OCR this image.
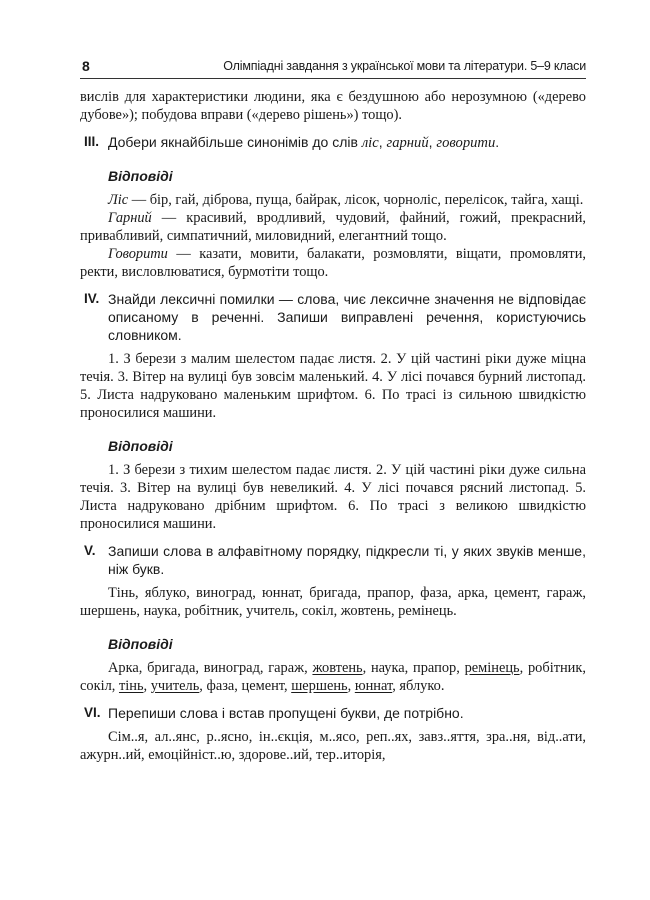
8	Олімпіадні завдання з української мови та літератури. 5–9 класи

вислів для характеристики людини, яка є бездушною або нерозумною («дерево дубове»); побудова вправи («дерево рішень») тощо).

III. Добери якнайбільше синонімів до слів ліс, гарний, говорити.
Відповіді

Ліс — бір, гай, діброва, пуща, байрак, лісок, чорноліс, перелісок, тайга, хащі.

Гарний — красивий, вродливий, чудовий, файний, гожий, прекрасний, привабливий, симпатичний, миловидний, елегантний тощо.

Говорити — казати, мовити, балакати, розмовляти, віщати, промовляти, ректи, висловлюватися, бурмотіти тощо.

IV. Знайди лексичні помилки — слова, чиє лексичне значення не відповідає описаному в реченні. Запиши виправлені речення, користуючись словником.

1. З берези з малим шелестом падає листя. 2. У цій частині ріки дуже міцна течія. 3. Вітер на вулиці був зовсім маленький. 4. У лісі почався бурний листопад. 5. Листа надруковано маленьким шрифтом. 6. По трасі із сильною швидкістю проносилися машини.

Відповіді

1. З берези з тихим шелестом падає листя. 2. У цій частині ріки дуже сильна течія. 3. Вітер на вулиці був невеликий. 4. У лісі почався рясний листопад. 5. Листа надруковано дрібним шрифтом. 6. По трасі з великою швидкістю проносилися машини.

V. Запиши слова в алфавітному порядку, підкресли ті, у яких звуків менше, ніж букв.

Тінь, яблуко, виноград, юннат, бригада, прапор, фаза, арка, цемент, гараж, шершень, наука, робітник, учитель, сокіл, жовтень, ремінець.

Відповіді

Арка, бригада, виноград, гараж, жовтень, наука, прапор, ремінець, робітник, сокіл, тінь, учитель, фаза, цемент, шершень, юннат, яблуко.

VI. Перепиши слова і встав пропущені букви, де потрібно.

Сім..я, ал..янс, р..ясно, ін..єкція, м..ясо, реп..ях, завз..яття, зра..ня, від..ати, ажурн..ий, емоційніст..ю, здорове..ий, тер..иторія,
